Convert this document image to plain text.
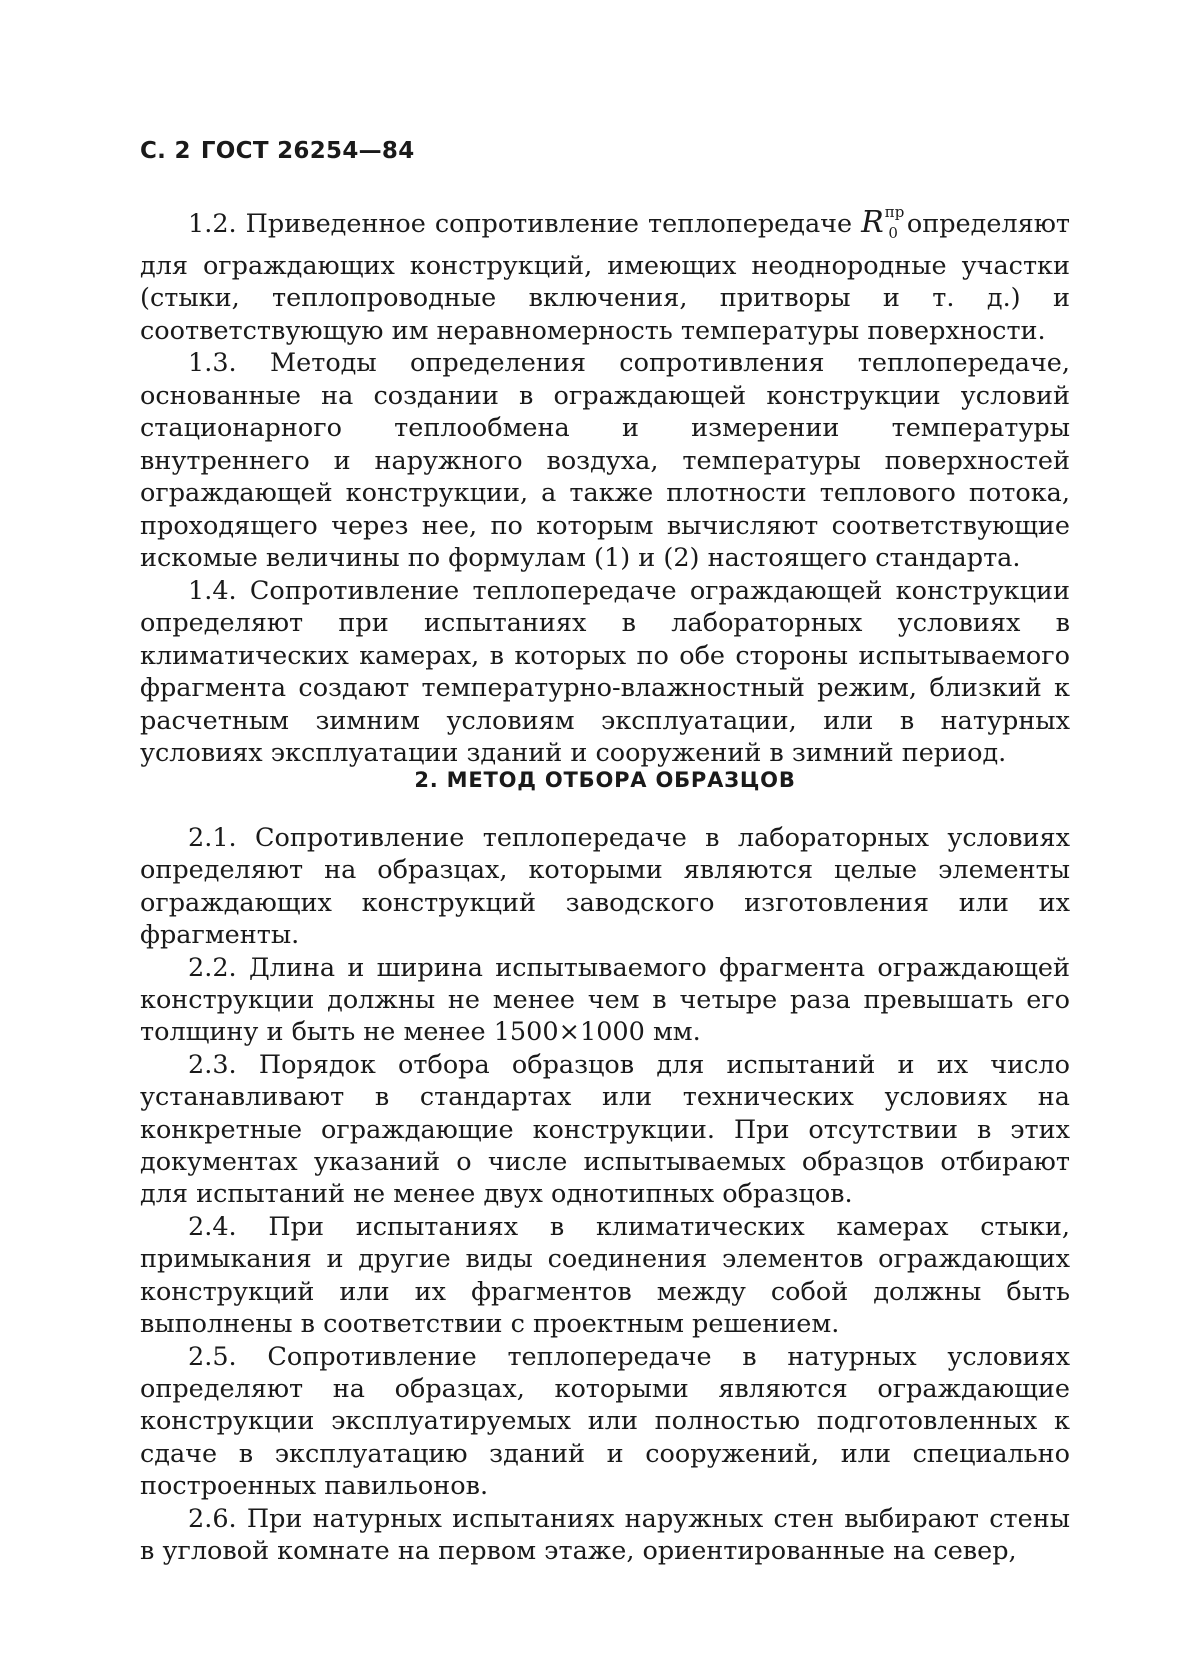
С. 2 ГОСТ 26254—84

1.2. Приведенное сопротивление теплопередаче $R^{пр}_0$ определяют для ограждающих конструкций, имеющих неоднородные участки (стыки, теплопроводные включения, притворы и т. д.) и соответствующую им неравномерность температуры поверхности.

1.3. Методы определения сопротивления теплопередаче, основанные на создании в ограждающей конструкции условий стационарного теплообмена и измерении температуры внутреннего и наружного воздуха, температуры поверхностей ограждающей конструкции, а также плотности теплового потока, проходящего через нее, по которым вычисляют соответствующие искомые величины по формулам (1) и (2) настоящего стандарта.

1.4. Сопротивление теплопередаче ограждающей конструкции определяют при испытаниях в лабораторных условиях в климатических камерах, в которых по обе стороны испытываемого фрагмента создают температурно-влажностный режим, близкий к расчетным зимним условиям эксплуатации, или в натурных условиях эксплуатации зданий и сооружений в зимний период.

2. МЕТОД ОТБОРА ОБРАЗЦОВ

2.1. Сопротивление теплопередаче в лабораторных условиях определяют на образцах, которыми являются целые элементы ограждающих конструкций заводского изготовления или их фрагменты.

2.2. Длина и ширина испытываемого фрагмента ограждающей конструкции должны не менее чем в четыре раза превышать его толщину и быть не менее 1500×1000 мм.

2.3. Порядок отбора образцов для испытаний и их число устанавливают в стандартах или технических условиях на конкретные ограждающие конструкции. При отсутствии в этих документах указаний о числе испытываемых образцов отбирают для испытаний не менее двух однотипных образцов.

2.4. При испытаниях в климатических камерах стыки, примыкания и другие виды соединения элементов ограждающих конструкций или их фрагментов между собой должны быть выполнены в соответствии с проектным решением.

2.5. Сопротивление теплопередаче в натурных условиях определяют на образцах, которыми являются ограждающие конструкции эксплуатируемых или полностью подготовленных к сдаче в эксплуатацию зданий и сооружений, или специально построенных павильонов.

2.6. При натурных испытаниях наружных стен выбирают стены в угловой комнате на первом этаже, ориентированные на север,
